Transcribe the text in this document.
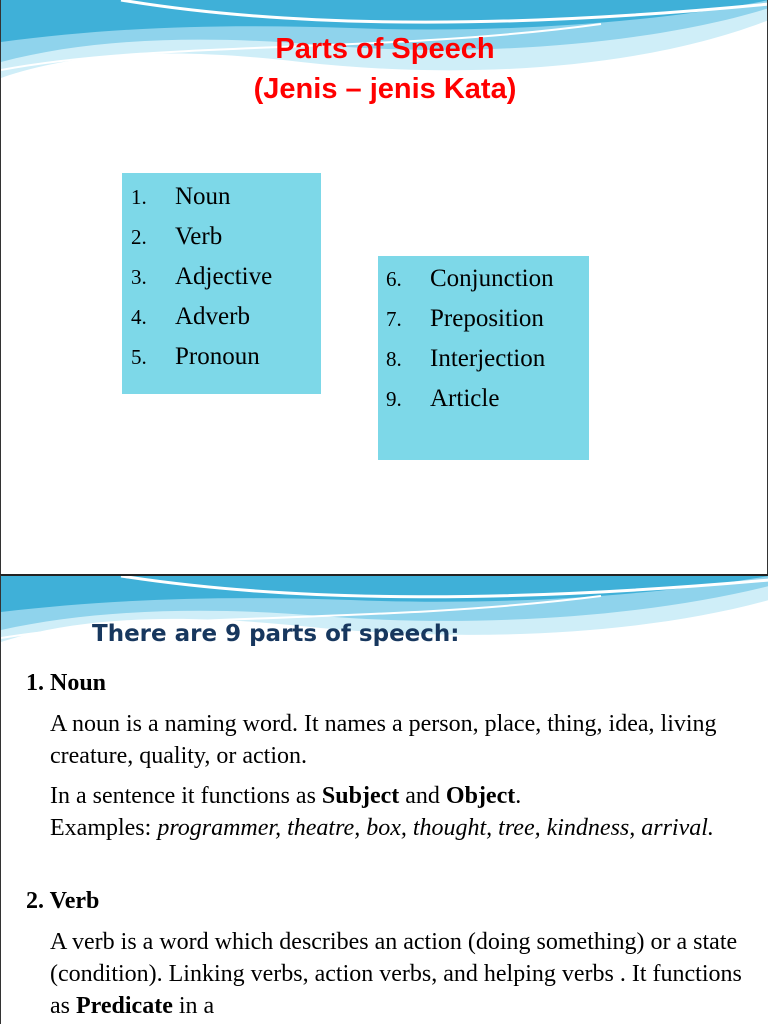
Parts of Speech
(Jenis – jenis Kata)
1. Noun
2. Verb
3. Adjective
4. Adverb
5. Pronoun
6. Conjunction
7. Preposition
8. Interjection
9. Article
There are 9 parts of speech:
1. Noun
A noun is a naming word. It names a person, place, thing, idea, living creature, quality, or action.
In a sentence it functions as Subject and Object.
Examples: programmer, theatre, box, thought, tree, kindness, arrival.
2. Verb
A verb is a word which describes an action (doing something) or a state (condition). Linking verbs, action verbs, and helping verbs . It functions as Predicate in a
